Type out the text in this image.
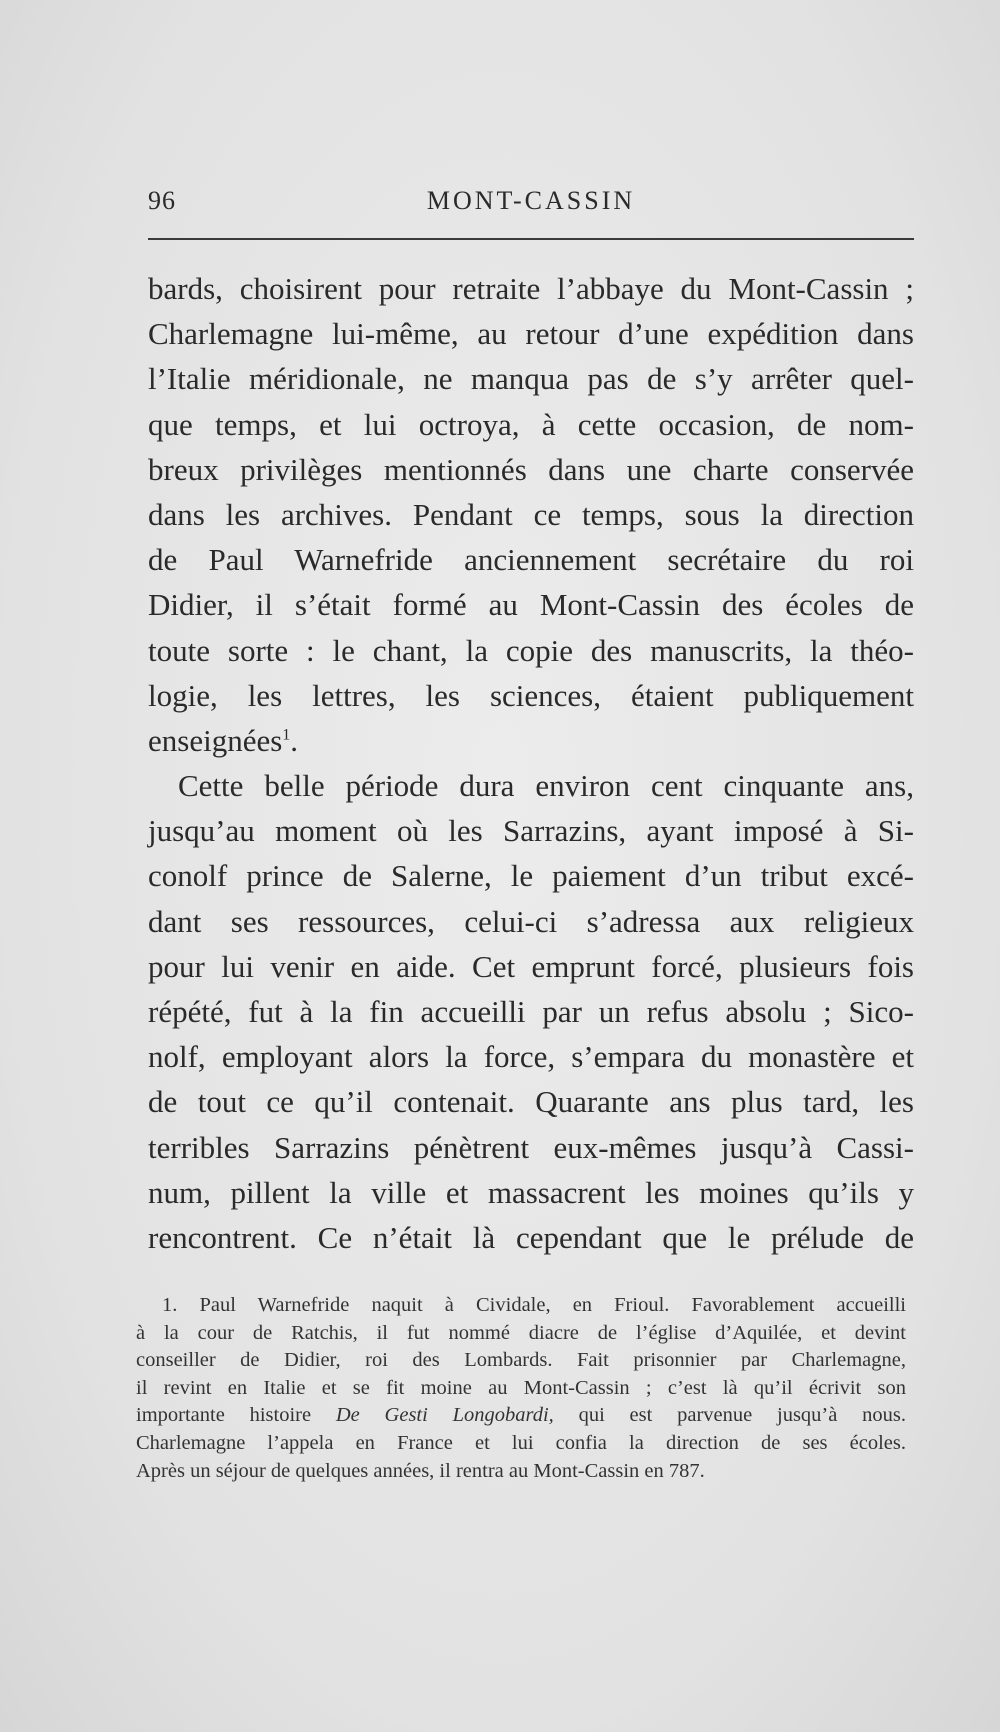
96	MONT-CASSIN
bards, choisirent pour retraite l’abbaye du Mont-Cassin ;
Charlemagne lui-même, au retour d’une expédition dans
l’Italie méridionale, ne manqua pas de s’y arrêter quel-
que temps, et lui octroya, à cette occasion, de nom-
breux privilèges mentionnés dans une charte conservée
dans les archives. Pendant ce temps, sous la direction
de Paul Warnefride anciennement secrétaire du roi
Didier, il s’était formé au Mont-Cassin des écoles de
toute sorte : le chant, la copie des manuscrits, la théo-
logie, les lettres, les sciences, étaient publiquement
enseignées$^1$.
Cette belle période dura environ cent cinquante ans,
jusqu’au moment où les Sarrazins, ayant imposé à Si-
conolf prince de Salerne, le paiement d’un tribut excé-
dant ses ressources, celui-ci s’adressa aux religieux
pour lui venir en aide. Cet emprunt forcé, plusieurs fois
répété, fut à la fin accueilli par un refus absolu ; Sico-
nolf, employant alors la force, s’empara du monastère et
de tout ce qu’il contenait. Quarante ans plus tard, les
terribles Sarrazins pénètrent eux-mêmes jusqu’à Cassi-
num, pillent la ville et massacrent les moines qu’ils y
rencontrent. Ce n’était là cependant que le prélude de
1. Paul Warnefride naquit à Cividale, en Frioul. Favorablement accueilli
à la cour de Ratchis, il fut nommé diacre de l’église d’Aquilée, et devint
conseiller de Didier, roi des Lombards. Fait prisonnier par Charlemagne,
il revint en Italie et se fit moine au Mont-Cassin ; c’est là qu’il écrivit son
importante histoire De Gesti Longobardi, qui est parvenue jusqu’à nous.
Charlemagne l’appela en France et lui confia la direction de ses écoles.
Après un séjour de quelques années, il rentra au Mont-Cassin en 787.
